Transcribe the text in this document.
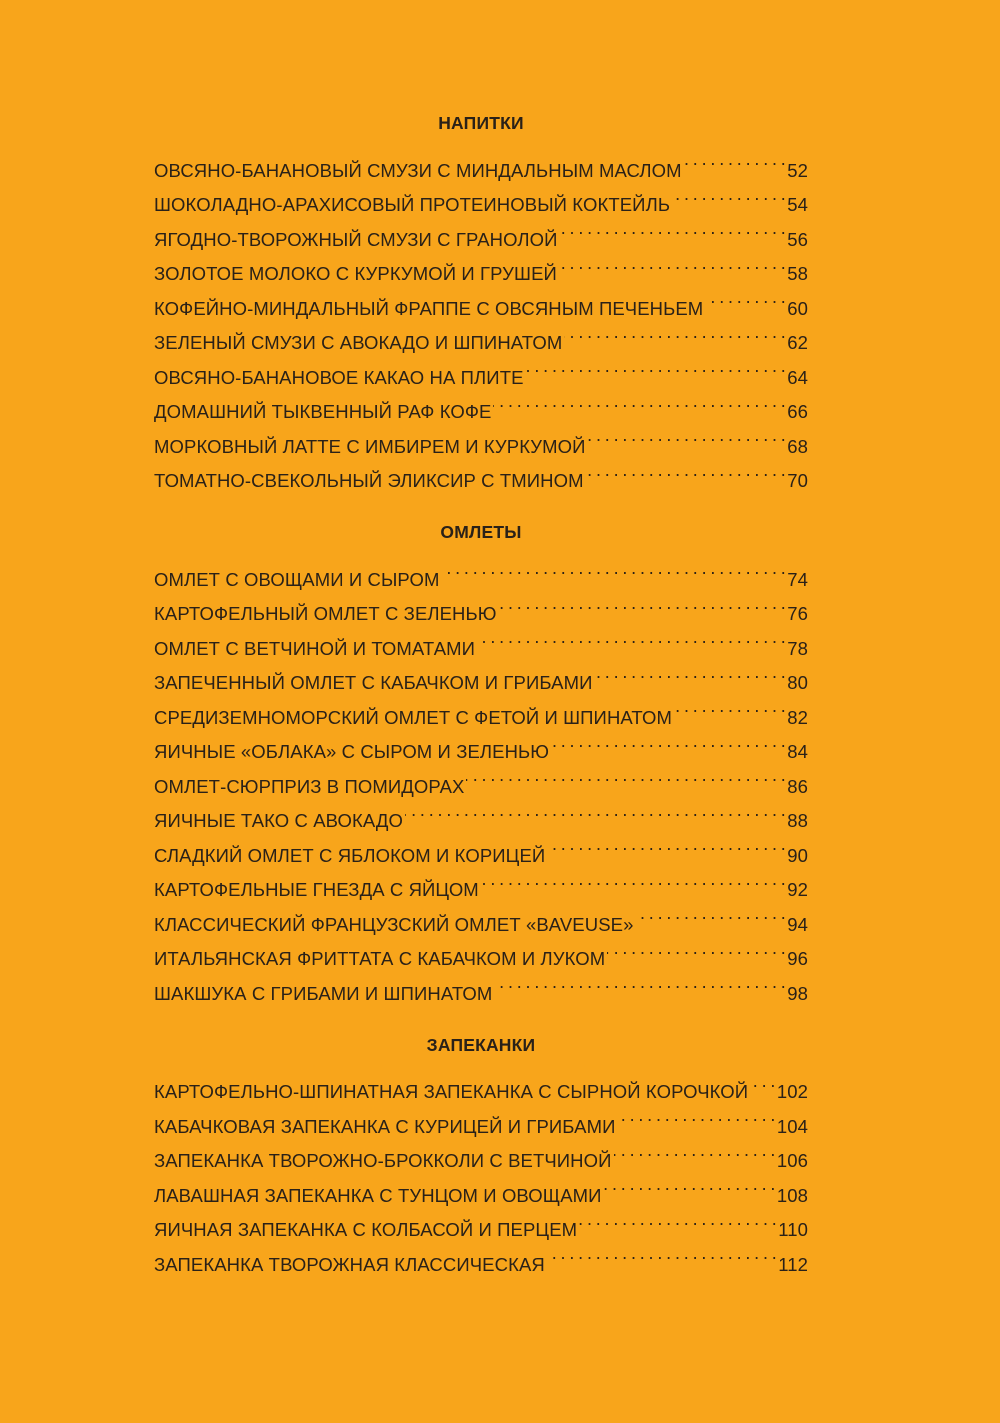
НАПИТКИ
ОВСЯНО-БАНАНОВЫЙ СМУЗИ С МИНДАЛЬНЫМ МАСЛОМ . . .	52
ШОКОЛАДНО-АРАХИСОВЫЙ ПРОТЕИНОВЫЙ КОКТЕЙЛЬ . . .	54
ЯГОДНО-ТВОРОЖНЫЙ СМУЗИ С ГРАНОЛОЙ . . .	56
ЗОЛОТОЕ МОЛОКО С КУРКУМОЙ И ГРУШЕЙ . . .	58
КОФЕЙНО-МИНДАЛЬНЫЙ ФРАППЕ С ОВСЯНЫМ ПЕЧЕНЬЕМ . . .	60
ЗЕЛЕНЫЙ СМУЗИ С АВОКАДО И ШПИНАТОМ . . .	62
ОВСЯНО-БАНАНОВОЕ КАКАО НА ПЛИТЕ . . .	64
ДОМАШНИЙ ТЫКВЕННЫЙ РАФ КОФЕ . . .	66
МОРКОВНЫЙ ЛАТТЕ С ИМБИРЕМ И КУРКУМОЙ . . .	68
ТОМАТНО-СВЕКОЛЬНЫЙ ЭЛИКСИР С ТМИНОМ . . .	70
ОМЛЕТЫ
ОМЛЕТ С ОВОЩАМИ И СЫРОМ . . .	74
КАРТОФЕЛЬНЫЙ ОМЛЕТ С ЗЕЛЕНЬЮ . . .	76
ОМЛЕТ С ВЕТЧИНОЙ И ТОМАТАМИ . . .	78
ЗАПЕЧЕННЫЙ ОМЛЕТ С КАБАЧКОМ И ГРИБАМИ . . .	80
СРЕДИЗЕМНОМОРСКИЙ ОМЛЕТ С ФЕТОЙ И ШПИНАТОМ . . .	82
ЯИЧНЫЕ «ОБЛАКА» С СЫРОМ И ЗЕЛЕНЬЮ . . .	84
ОМЛЕТ-СЮРПРИЗ В ПОМИДОРАХ . . .	86
ЯИЧНЫЕ ТАКО С АВОКАДО . . .	88
СЛАДКИЙ ОМЛЕТ С ЯБЛОКОМ И КОРИЦЕЙ . . .	90
КАРТОФЕЛЬНЫЕ ГНЕЗДА С ЯЙЦОМ . . .	92
КЛАССИЧЕСКИЙ ФРАНЦУЗСКИЙ ОМЛЕТ «BAVEUSE» . . .	94
ИТАЛЬЯНСКАЯ ФРИТТАТА С КАБАЧКОМ И ЛУКОМ . . .	96
ШАКШУКА С ГРИБАМИ И ШПИНАТОМ . . .	98
ЗАПЕКАНКИ
КАРТОФЕЛЬНО-ШПИНАТНАЯ ЗАПЕКАНКА С СЫРНОЙ КОРОЧКОЙ . . . 102
КАБАЧКОВАЯ ЗАПЕКАНКА С КУРИЦЕЙ И ГРИБАМИ . . .	104
ЗАПЕКАНКА ТВОРОЖНО-БРОККОЛИ С ВЕТЧИНОЙ . . .	106
ЛАВАШНАЯ ЗАПЕКАНКА С ТУНЦОМ И ОВОЩАМИ . . .	108
ЯИЧНАЯ ЗАПЕКАНКА С КОЛБАСОЙ И ПЕРЦЕМ . . .	110
ЗАПЕКАНКА ТВОРОЖНАЯ КЛАССИЧЕСКАЯ . . .	112
